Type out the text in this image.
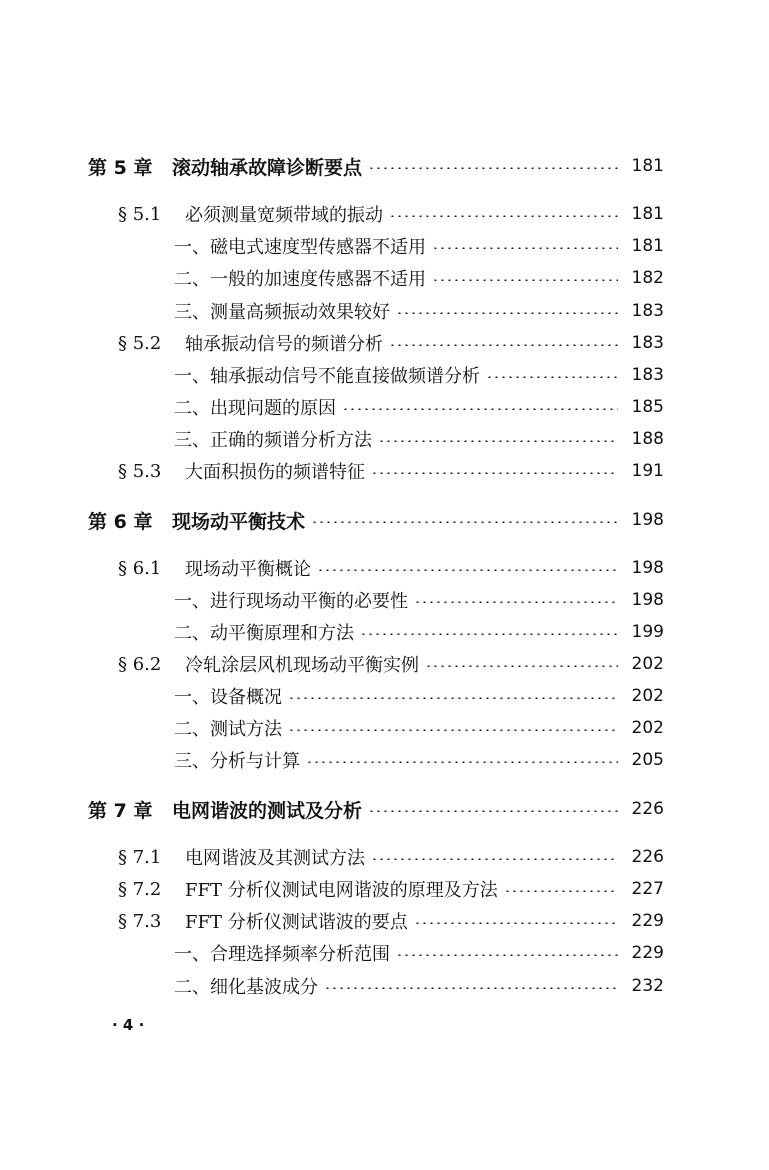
第 5 章	滚动轴承故障诊断要点	181
§ 5.1	必须测量宽频带域的振动	181
一、磁电式速度型传感器不适用	181
二、一般的加速度传感器不适用	182
三、测量高频振动效果较好	183
§ 5.2	轴承振动信号的频谱分析	183
一、轴承振动信号不能直接做频谱分析	183
二、出现问题的原因	185
三、正确的频谱分析方法	188
§ 5.3	大面积损伤的频谱特征	191
第 6 章	现场动平衡技术	198
§ 6.1	现场动平衡概论	198
一、进行现场动平衡的必要性	198
二、动平衡原理和方法	199
§ 6.2	冷轧涂层风机现场动平衡实例	202
一、设备概况	202
二、测试方法	202
三、分析与计算	205
第 7 章	电网谐波的测试及分析	226
§ 7.1	电网谐波及其测试方法	226
§ 7.2	FFT 分析仪测试电网谐波的原理及方法	227
§ 7.3	FFT 分析仪测试谐波的要点	229
一、合理选择频率分析范围	229
二、细化基波成分	232
· 4 ·
